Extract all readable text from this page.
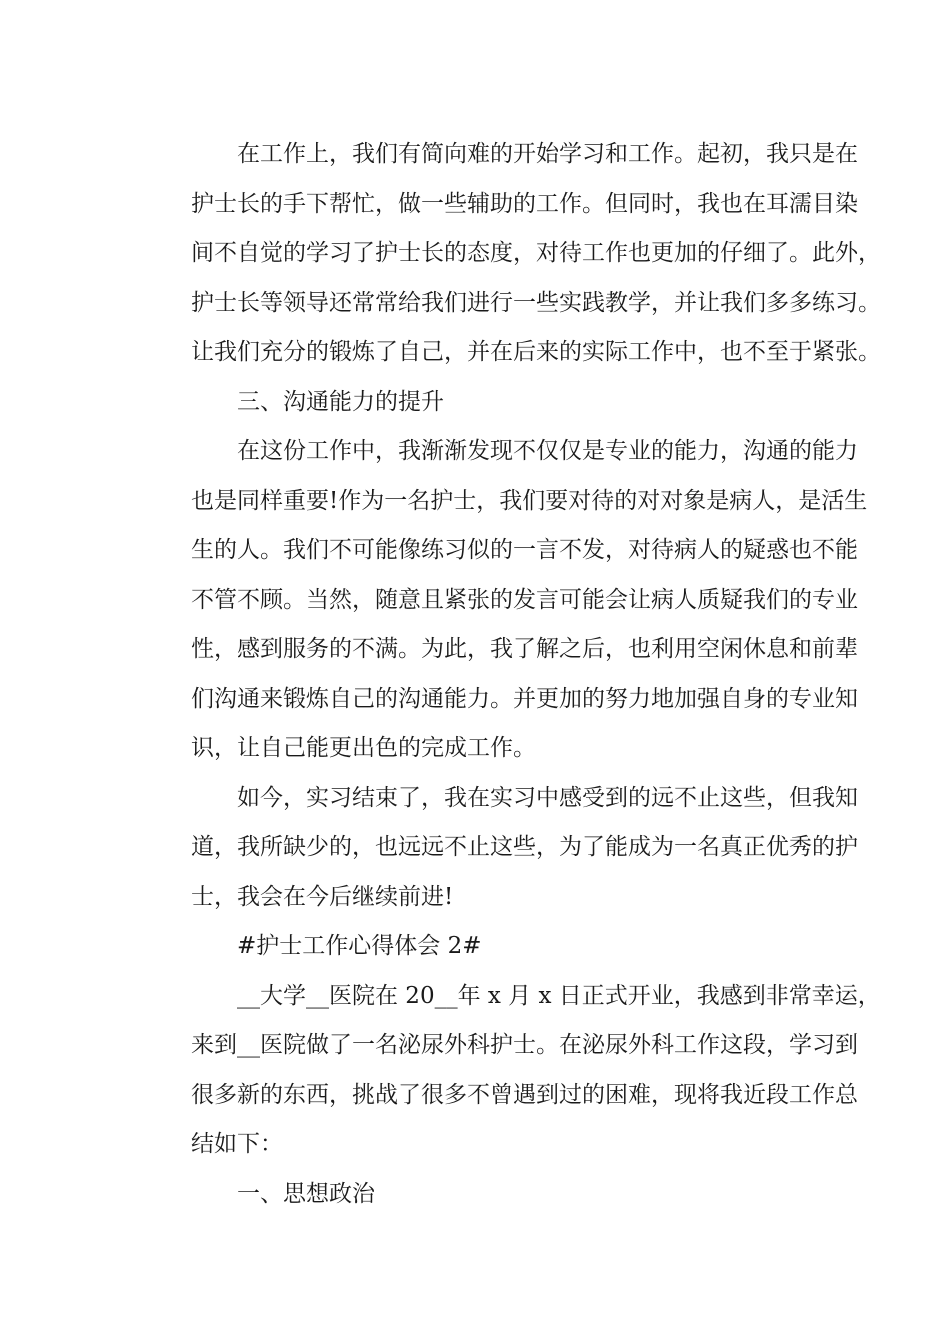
在工作上，我们有简向难的开始学习和工作。起初，我只是在
护士长的手下帮忙，做一些辅助的工作。但同时，我也在耳濡目染
间不自觉的学习了护士长的态度，对待工作也更加的仔细了。此外，
护士长等领导还常常给我们进行一些实践教学，并让我们多多练习。
让我们充分的锻炼了自己，并在后来的实际工作中，也不至于紧张。
三、沟通能力的提升
在这份工作中，我渐渐发现不仅仅是专业的能力，沟通的能力
也是同样重要!作为一名护士，我们要对待的对对象是病人，是活生
生的人。我们不可能像练习似的一言不发，对待病人的疑惑也不能
不管不顾。当然，随意且紧张的发言可能会让病人质疑我们的专业
性，感到服务的不满。为此，我了解之后，也利用空闲休息和前辈
们沟通来锻炼自己的沟通能力。并更加的努力地加强自身的专业知
识，让自己能更出色的完成工作。
如今，实习结束了，我在实习中感受到的远不止这些，但我知
道，我所缺少的，也远远不止这些，为了能成为一名真正优秀的护
士，我会在今后继续前进!
#护士工作心得体会 2#
__大学__医院在 20__年 x 月 x 日正式开业，我感到非常幸运，
来到__医院做了一名泌尿外科护士。在泌尿外科工作这段，学习到
很多新的东西，挑战了很多不曾遇到过的困难，现将我近段工作总
结如下：
一、思想政治
